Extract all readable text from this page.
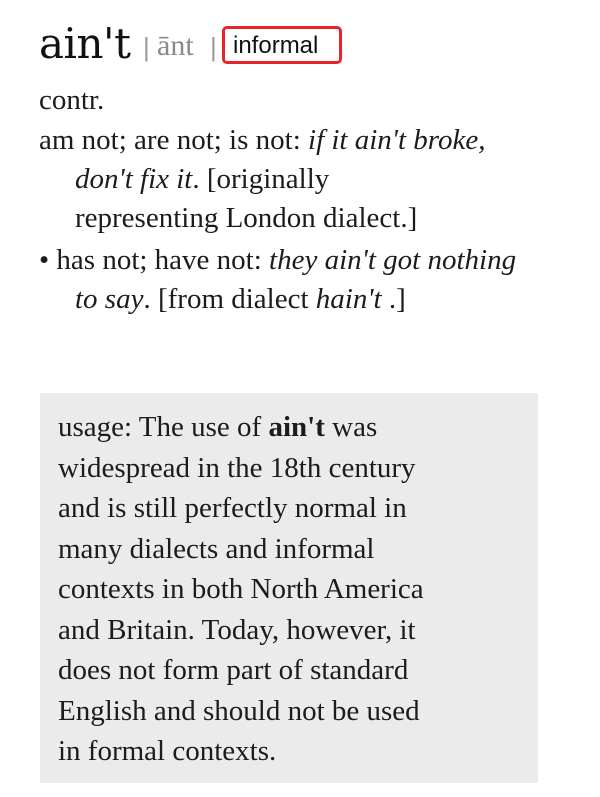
ain't | ānt | informal
contr.
am not; are not; is not: if it ain't broke,
don't fix it. [originally
representing London dialect.]
• has not; have not: they ain't got nothing
to say. [from dialect hain't .]
usage: The use of ain't was
widespread in the 18th century
and is still perfectly normal in
many dialects and informal
contexts in both North America
and Britain. Today, however, it
does not form part of standard
English and should not be used
in formal contexts.
